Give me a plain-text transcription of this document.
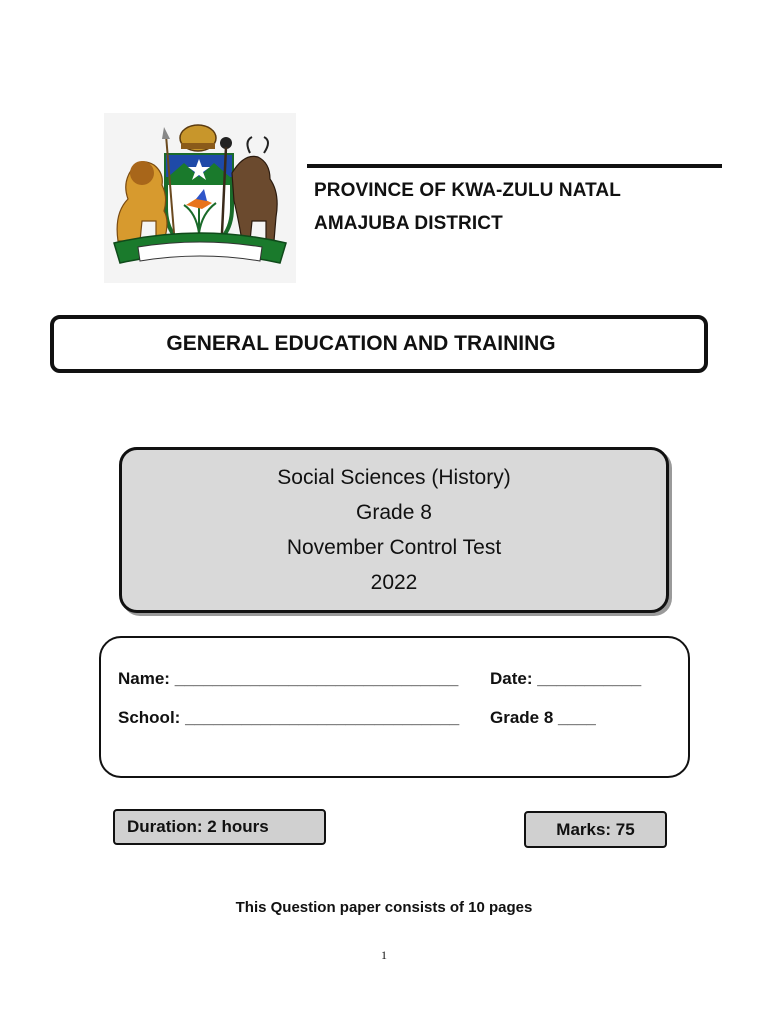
PROVINCE OF KWA-ZULU NATAL
AMAJUBA DISTRICT
GENERAL EDUCATION AND TRAINING
Social Sciences (History)
Grade 8
November Control Test
2022
Name: ______________________________ Date: ___________
School: _____________________________ Grade 8 ____
Duration: 2 hours	Marks: 75
This Question paper consists of 10 pages
1
